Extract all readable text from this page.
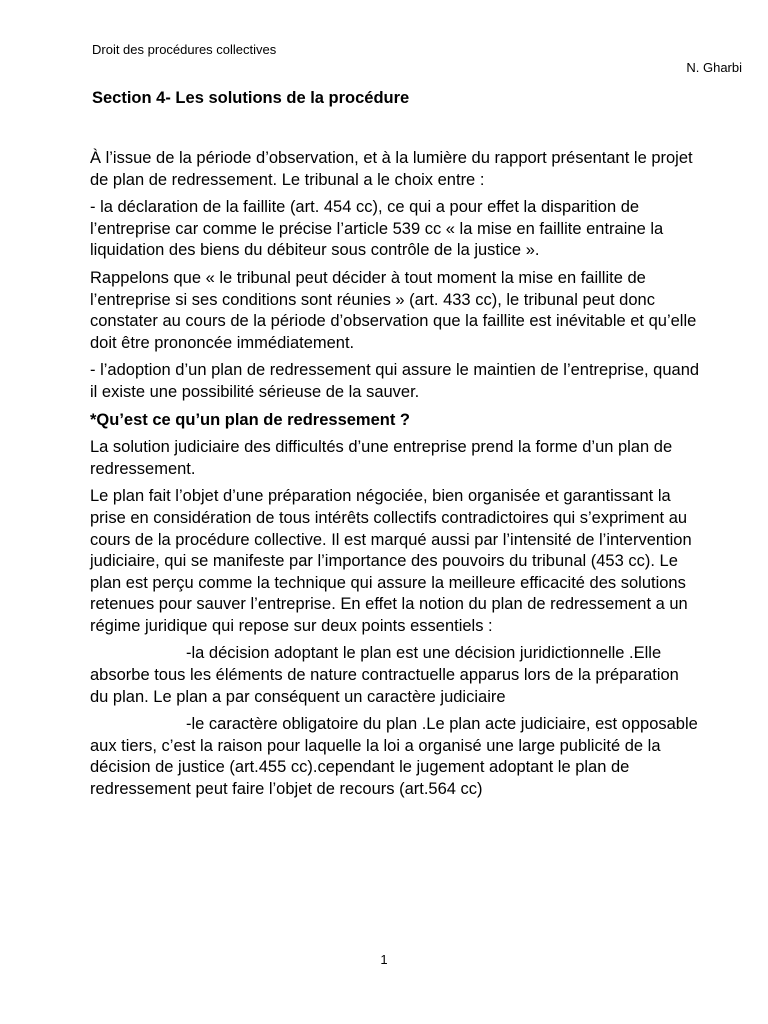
Droit des procédures collectives
N. Gharbi
Section 4- Les solutions de la procédure

À l’issue de la période d’observation, et à la lumière du rapport présentant le projet de plan de redressement. Le tribunal a le choix entre :

- la déclaration de la faillite (art. 454 cc), ce qui a pour effet la disparition de l’entreprise car comme le précise l’article 539 cc « la mise en faillite entraine la liquidation des biens du débiteur sous contrôle de la justice ».

Rappelons que « le tribunal peut décider à tout moment la mise en faillite de l’entreprise si ses conditions sont réunies » (art. 433 cc), le tribunal peut donc constater au cours de la période d’observation que la faillite est inévitable et qu’elle doit être prononcée immédiatement.

- l’adoption d’un plan de redressement qui assure le maintien de l’entreprise, quand il existe une possibilité sérieuse de la sauver.

*Qu’est ce qu’un plan de redressement ?

La solution judiciaire des difficultés d’une entreprise prend la forme d’un plan de redressement.

Le plan fait l’objet d’une préparation négociée, bien organisée et garantissant la prise en considération de tous intérêts collectifs contradictoires qui s’expriment au cours de la procédure collective. Il est marqué aussi par l’intensité de l’intervention judiciaire, qui se manifeste par l’importance des pouvoirs du tribunal (453 cc). Le plan est perçu comme la technique qui assure la meilleure efficacité des solutions retenues pour sauver l’entreprise. En effet la notion du plan de redressement a un régime juridique qui repose sur deux points essentiels :

-la décision adoptant le plan est une décision juridictionnelle .Elle absorbe tous les éléments de nature contractuelle apparus lors de la préparation du plan. Le plan a par conséquent un caractère judiciaire

-le caractère obligatoire du plan .Le plan acte judiciaire, est opposable aux tiers, c’est la raison pour laquelle la loi a organisé une large publicité de la décision de justice (art.455 cc).cependant le jugement adoptant le plan de redressement peut faire l’objet de recours (art.564 cc)

1
